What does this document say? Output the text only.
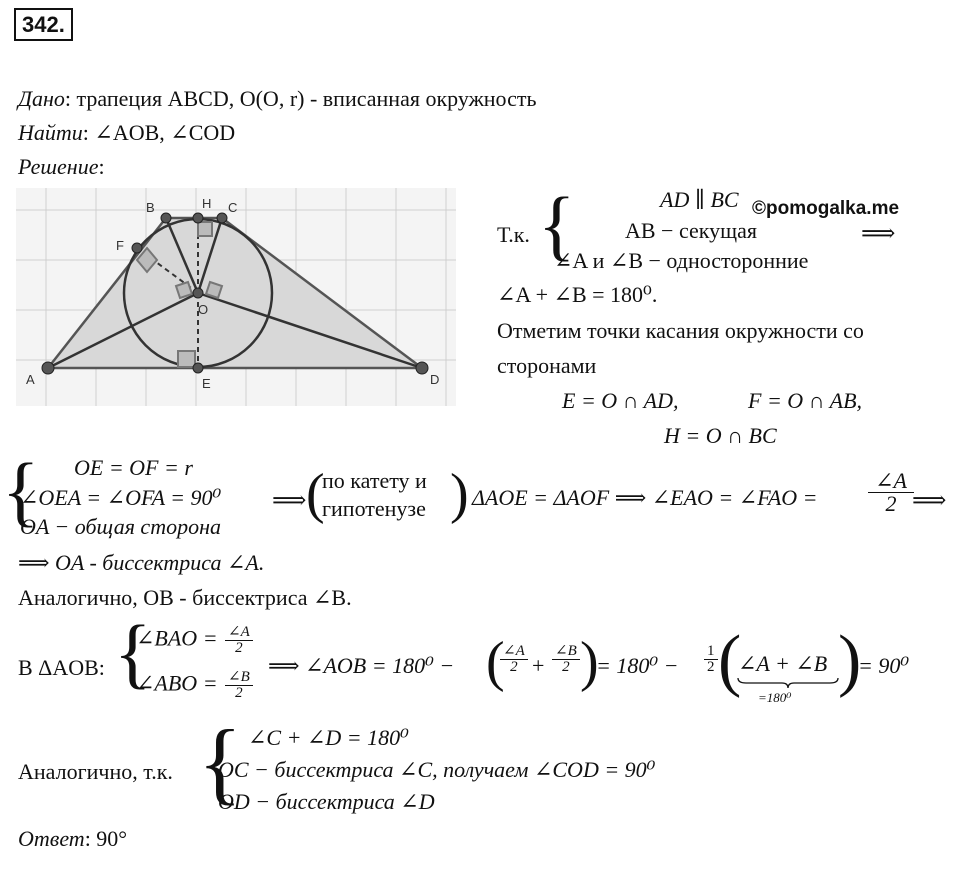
342.
Дано: трапеция ABCD, O(O, r) - вписанная окружность
Найти: ∠AOB, ∠COD
Решение:
A	D
B	C
H
E
F
O
Т.к. {	AD ∥ BC ©pomogalka.me
AB − секущая	⟹
∠A и ∠B − односторонние
∠A + ∠B = 180⁰.
Отметим точки касания окружности со
сторонами
E = O ∩ AD,	F = O ∩ AB,
H = O ∩ BC
{ OE = OF = r
∠OEA = ∠OFA = 90⁰ ⟹
OA − общая сторона
(
по катету и
гипотенузе ) ΔAOE = ΔAOF ⟹ ∠EAO = ∠FAO = $\frac{\angle A}{2}$
⟹
⟹ OA - биссектриса ∠A.
Аналогично, OB - биссектриса ∠B.
В ΔAOB: {
∠BAO = $\frac{\angle A}{2}$
∠ABO = $\frac{\angle B}{2}$
⟹ ∠AOB = 180⁰ − (
$\frac{\angle A}{2} + \frac{\angle B}{2}$ )
= $180^0 - \frac{1}{2}$ (
∠A + ∠B
=180⁰ )
= 90⁰
Аналогично, т.к. { ∠C + ∠D = 180⁰
OC − биссектриса ∠C, получаем ∠COD = 90⁰
OD − биссектриса ∠D
Ответ: 90°
